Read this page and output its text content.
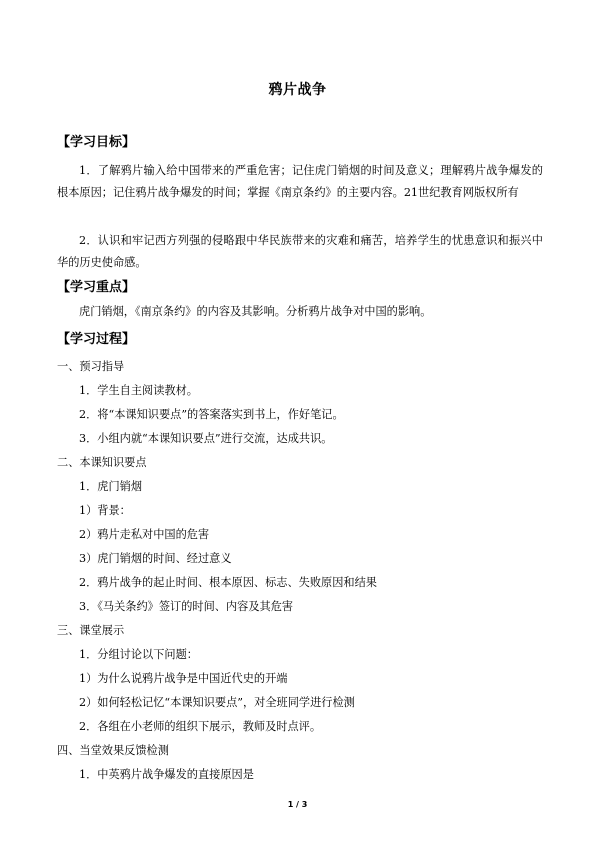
鸦片战争
【学习目标】
1．了解鸦片输入给中国带来的严重危害；记住虎门销烟的时间及意义；理解鸦片战争爆发的根本原因；记住鸦片战争爆发的时间；掌握《南京条约》的主要内容。21世纪教育网版权所有
2．认识和牢记西方列强的侵略跟中华民族带来的灾难和痛苦，培养学生的忧患意识和振兴中华的历史使命感。
【学习重点】
虎门销烟，《南京条约》的内容及其影响。分析鸦片战争对中国的影响。
【学习过程】
一、预习指导
1．学生自主阅读教材。
2．将“本课知识要点”的答案落实到书上，作好笔记。
3．小组内就“本课知识要点”进行交流，达成共识。
二、本课知识要点
1．虎门销烟
1）背景：
2）鸦片走私对中国的危害
3）虎门销烟的时间、经过意义
2．鸦片战争的起止时间、根本原因、标志、失败原因和结果
3．《马关条约》签订的时间、内容及其危害
三、课堂展示
1．分组讨论以下问题：
1）为什么说鸦片战争是中国近代史的开端
2）如何轻松记忆“本课知识要点”，对全班同学进行检测
2．各组在小老师的组织下展示，教师及时点评。
四、当堂效果反馈检测
1．中英鸦片战争爆发的直接原因是
1 / 3
